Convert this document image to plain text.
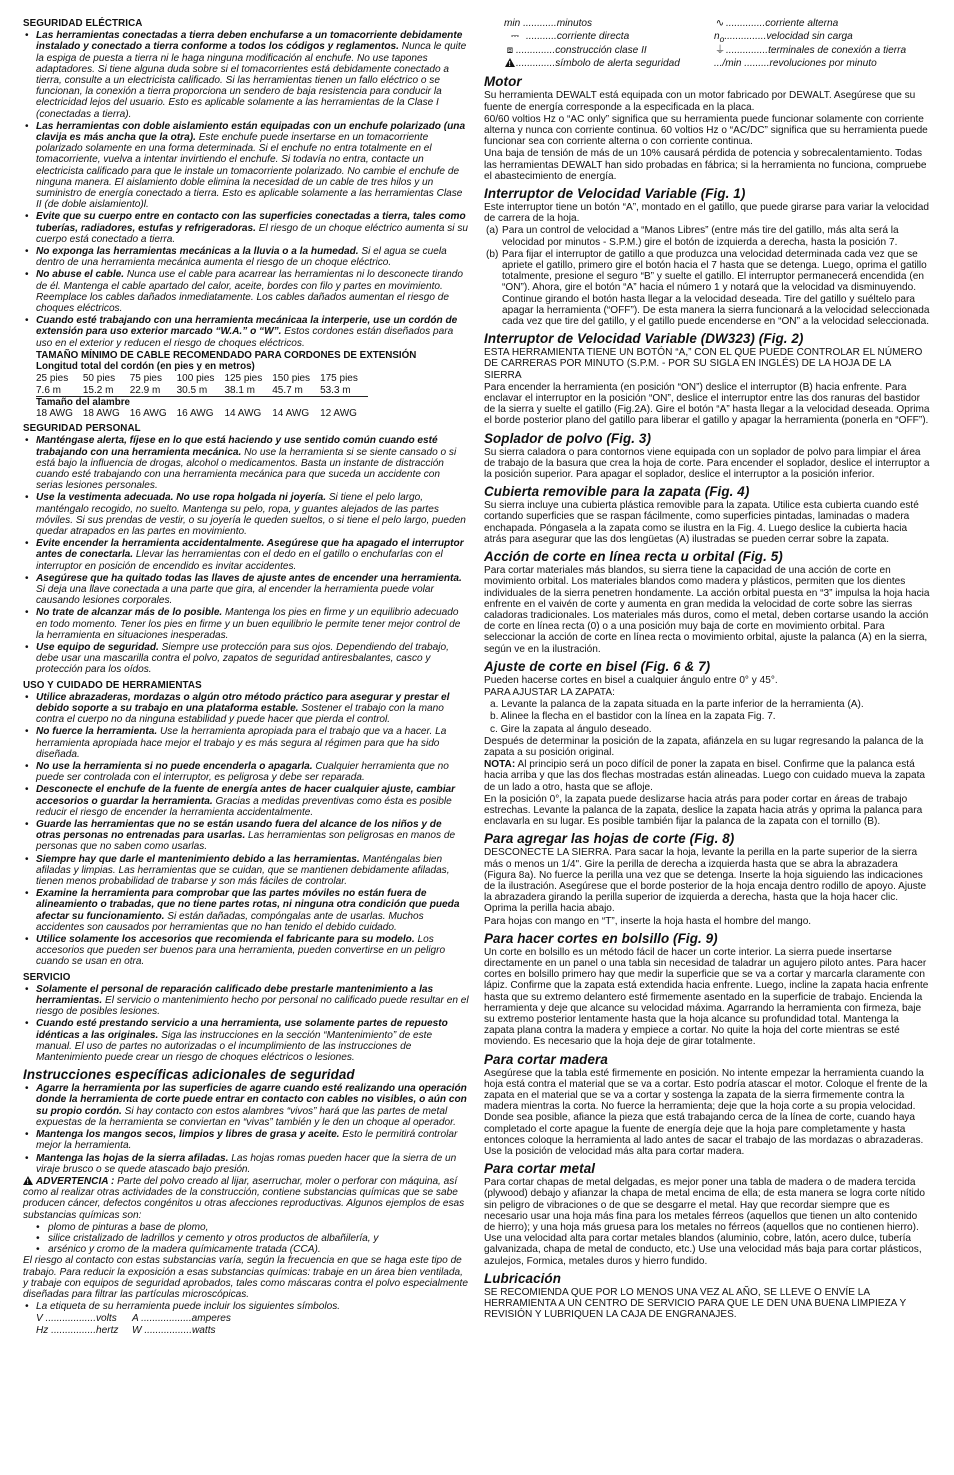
SEGURIDAD ELÉCTRICA
• Las herramientas conectadas a tierra deben enchufarse a un tomacorriente debidamente instalado y conectado a tierra conforme a todos los códigos y reglamentos. Nunca le quite la espiga de puesta a tierra ni le haga ninguna modificación al enchufe. No use tapones adaptadores. Si tiene alguna duda sobre si el tomacorrientes está debidamente conectado a tierra, consulte a un electricista calificado. Si las herramientas tienen un fallo eléctrico o se funcionan, la conexión a tierra proporciona un sendero de baja resistencia para conducir la electricidad lejos del usuario. Esto es aplicable solamente a las herramientas de la Clase I (conectadas a tierra).
• Las herramientas con doble aislamiento están equipadas con un enchufe polarizado (una clavija es más ancha que la otra). Este enchufe puede insertarse en un tomacorriente polarizado solamente en una forma determinada. Si el enchufe no entra totalmente en el tomacorriente, vuelva a intentar invirtiendo el enchufe. Si todavía no entra, contacte un electricista calificado para que le instale un tomacorriente polarizado. No cambie el enchufe de ninguna manera. El aislamiento doble elimina la necesidad de un cable de tres hilos y un suministro de energía conectado a tierra. Esto es aplicable solamente a las herramientas Clase II (de doble aislamiento)l.
• Evite que su cuerpo entre en contacto con las superficies conectadas a tierra, tales como tuberías, radiadores, estufas y refrigeradoras. El riesgo de un choque eléctrico aumenta si su cuerpo está conectado a tierra.
• No exponga las herramientas mecánicas a la lluvia o a la humedad. Si el agua se cuela dentro de una herramienta mecánica aumenta el riesgo de un choque eléctrico.
• No abuse el cable. Nunca use el cable para acarrear las herramientas ni lo desconecte tirando de él. Mantenga el cable apartado del calor, aceite, bordes con filo y partes en movimiento. Reemplace los cables dañados inmediatamente. Los cables dañados aumentan el riesgo de choques eléctricos.
• Cuando esté trabajando con una herramienta mecánicaa la interperie, use un cordón de extensión para uso exterior marcado “W.A.” o “W”. Estos cordones están diseñados para uso en el exterior y reducen el riesgo de choques eléctricos.
TAMAÑO MÍNIMO DE CABLE RECOMENDADO PARA CORDONES DE EXTENSIÓN
Longitud total del cordón (en pies y en metros)
25 pies	50 pies	75 pies	100 pies	125 pies	150 pies	175 pies
7.6 m	15.2 m	22.9 m	30.5 m	38.1 m	45.7 m	53.3 m
Tamaño del alambre						
18 AWG	18 AWG	16 AWG	16 AWG	14 AWG	14 AWG	12 AWG
SEGURIDAD PERSONAL
• Manténgase alerta, fíjese en lo que está haciendo y use sentido común cuando esté trabajando con una herramienta mecánica. No use la herramienta si se siente cansado o si está bajo la influencia de drogas, alcohol o medicamentos. Basta un instante de distracción cuando esté trabajando con una herramienta mecánica para que suceda un accidente con serias lesiones personales.
• Use la vestimenta adecuada. No use ropa holgada ni joyería. Si tiene el pelo largo, manténgalo recogido, no suelto. Mantenga su pelo, ropa, y guantes alejados de las partes móviles. Si sus prendas de vestir, o su joyería le queden sueltos, o si tiene el pelo largo, pueden quedar atrapados en las partes en movimiento.
• Evite encender la herramienta accidentalmente. Asegúrese que ha apagado el interruptor antes de conectarla. Llevar las herramientas con el dedo en el gatillo o enchufarlas con el interruptor en posición de encendido es invitar accidentes.
• Asegúrese que ha quitado todas las llaves de ajuste antes de encender una herramienta. Si deja una llave conectada a una parte que gira, al encender la herramienta puede volar causando lesiones corporales.
• No trate de alcanzar más de lo posible. Mantenga los pies en firme y un equilibrio adecuado en todo momento. Tener los pies en firme y un buen equilibrio le permite tener mejor control de la herramienta en situaciones inesperadas.
• Use equipo de seguridad. Siempre use protección para sus ojos. Dependiendo del trabajo, debe usar una mascarilla contra el polvo, zapatos de seguridad antiresbalantes, casco y protección para los oídos.
USO Y CUIDADO DE HERRAMIENTAS
• Utilice abrazaderas, mordazas o algún otro método práctico para asegurar y prestar el debido soporte a su trabajo en una plataforma estable. Sostener el trabajo con la mano contra el cuerpo no da ninguna estabilidad y puede hacer que pierda el control.
• No fuerce la herramienta. Use la herramienta apropiada para el trabajo que va a hacer. La herramienta apropiada hace mejor el trabajo y es más segura al régimen para que ha sido diseñada.
• No use la herramienta si no puede encenderla o apagarla. Cualquier herramienta que no puede ser controlada con el interruptor, es peligrosa y debe ser reparada.
• Desconecte el enchufe de la fuente de energía antes de hacer cualquier ajuste, cambiar accesorios o guardar la herramienta. Gracias a medidas preventivas como ésta es posible reducir el riesgo de encender la herramienta accidentalmente.
• Guarde las herramientas que no se están usando fuera del alcance de los niños y de otras personas no entrenadas para usarlas. Las herramientas son peligrosas en manos de personas que no saben como usarlas.
• Siempre hay que darle el mantenimiento debido a las herramientas. Manténgalas bien afiladas y limpias. Las herramientas que se cuidan, que se mantienen debidamente afiladas, tienen menos probabilidad de trabarse y son más fáciles de controlar.
• Examine la herramienta para comprobar que las partes móviles no están fuera de alineamiento o trabadas, que no tiene partes rotas, ni ninguna otra condición que pueda afectar su funcionamiento. Si están dañadas, compóngalas ante de usarlas. Muchos accidentes son causados por herramientas que no han tenido el debido cuidado.
• Utilice solamente los accesorios que recomienda el fabricante para su modelo. Los accesorios que pueden ser buenos para una herramienta, pueden convertirse en un peligro cuando se usan en otra.
SERVICIO
• Solamente el personal de reparación calificado debe prestarle mantenimiento a las herramientas. El servicio o mantenimiento hecho por personal no calificado puede resultar en el riesgo de posibles lesiones.
• Cuando esté prestando servicio a una herramienta, use solamente partes de repuesto idénticas a las originales. Siga las instrucciones en la sección “Mantenimiento” de este manual. El uso de partes no autorizadas o el incumplimiento de las instrucciones de Mantenimiento puede crear un riesgo de choques eléctricos o lesiones.
Instrucciones específicas adicionales de seguridad
• Agarre la herramienta por las superficies de agarre cuando esté realizando una operación donde la herramienta de corte puede entrar en contacto con cables no visibles, o aún con su propio cordón. Si hay contacto con estos alambres “vivos” hará que las partes de metal expuestas de la herramienta se conviertan en “vivas” también y le den un choque al operador.
• Mantenga los mangos secos, limpios y libres de grasa y aceite. Esto le permitirá controlar mejor la herramienta.
• Mantenga las hojas de la sierra afiladas. Las hojas romas pueden hacer que la sierra de un viraje brusco o se quede atascado bajo presión.

! ADVERTENCIA : Parte del polvo creado al lijar, aserruchar, moler o perforar con máquina, así como al realizar otras actividades de la construcción, contiene substancias químicas que se sabe producen cáncer, defectos congénitos u otras afecciones reproductivas. Algunos ejemplos de esas substancias químicas son:

• plomo de pinturas a base de plomo,
• silice cristalizado de ladrillos y cemento y otros productos de albañilería, y
• arsénico y cromo de la madera químicamente tratada (CCA).

El riesgo al contacto con estas substancias varía, según la frecuencia en que se haga este tipo de trabajo. Para reducir la exposición a esas substancias químicas: trabaje en un área bien ventilada, y trabaje con equipos de seguridad aprobados, tales como máscaras contra el polvo especialmente diseñadas para filtrar las partículas microscópicas.

• La etiqueta de su herramienta puede incluir los siguientes símbolos.
V ..................volts	A ..................amperes
Hz ................hertz	W .................watts
min ............minutos	∿ ..............corriente alterna
⎓ ...........corriente directa	$n_o...............velocidad$ sin carga
⧈ ..............construcción clase II	⏚...............terminales de conexión a tierra
!..............símbolo de alerta seguridad	.../min .........revoluciones por minuto
Motor

Su herramienta DEWALT está equipada con un motor fabricado por DEWALT. Asegúrese que su fuente de energía corresponde a la especificada en la placa.

60/60 voltios Hz o “AC only” significa que su herramienta puede funcionar solamente con corriente alterna y nunca con corriente continua. 60 voltios Hz o “AC/DC” significa que su herramienta puede funcionar sea con corriente alterna o con corriente continua.

Una baja de tensión de más de un 10% causará pérdida de potencia y sobrecalentamiento. Todas las herramientas DEWALT han sido probadas en fábrica; si la herramienta no funciona, compruebe el abastecimiento de energía.

Interruptor de Velocidad Variable (Fig. 1)

Este interruptor tiene un botón “A”, montado en el gatillo, que puede girarse para variar la velocidad de carrera de la hoja.

(a) Para un control de velocidad a “Manos Libres” (entre más tire del gatillo, más alta será la velocidad por minutos - S.P.M.) gire el botón de izquierda a derecha, hasta la posición 7.
(b) Para fijar el interruptor de gatillo a que produzca una velocidad determinada cada vez que se apriete el gatillo, primero gire el botón hacia el 7 hasta que se detenga. Luego, oprima el gatillo totalmente, presione el seguro “B” y suelte el gatillo. El interruptor permanecerá encendida (en “ON”). Ahora, gire el botón “A” hacia el número 1 y notará que la velocidad va disminuyendo. Continue girando el botón hasta llegar a la velocidad deseada. Tire del gatillo y suéltelo para apagar la herramienta (“OFF”). De esta manera la sierra funcionará a la velocidad seleccionada cada vez que tire del gatillo, y el gatillo puede encenderse en “ON” a la velocidad seleccionada.
Interruptor de Velocidad Variable (DW323) (Fig. 2)

ESTA HERRAMIENTA TIENE UN BOTÓN “A,” CON EL QUE PUEDE CONTROLAR EL NÚMERO DE CARRERAS POR MINUTO (S.P.M. - POR SU SIGLA EN INGLÉS) DE LA HOJA DE LA SIERRA

Para encender la herramienta (en posición “ON”) deslice el interruptor (B) hacia enfrente. Para enclavar el interruptor en la posición “ON”, deslice el interruptor entre las dos ranuras del bastidor de la sierra y suelte el gatillo (Fig.2A). Gire el botón “A” hasta llegar a la velocidad deseada. Oprima el borde posterior plano del gatillo para liberar el gatillo y apagar la herramienta (ponerla en “OFF”).

Soplador de polvo (Fig. 3)

Su sierra caladora o para contornos viene equipada con un soplador de polvo para limpiar el área de trabajo de la basura que crea la hoja de corte. Para encender el soplador, deslice el interruptor a la posición superior. Para apagar el soplador, deslice el interruptor a la posición inferior.

Cubierta removible para la zapata (Fig. 4)

Su sierra incluye una cubierta plástica removible para la zapata. Utilice esta cubierta cuando esté cortando superficies que se raspan fácilmente, como superficies pintadas, laminadas o madera enchapada. Póngasela a la zapata como se ilustra en la Fig. 4. Luego deslice la cubierta hacia atrás para asegurar que las dos lengüetas (A) ilustradas se pueden cerrar sobre la zapata.

Acción de corte en línea recta u orbital (Fig. 5)

Para cortar materiales más blandos, su sierra tiene la capacidad de una acción de corte en movimiento orbital. Los materiales blandos como madera y plásticos, permiten que los dientes individuales de la sierra penetren hondamente. La acción orbital puesta en “3” impulsa la hoja hacia enfrente en el vaivén de corte y aumenta en gran medida la velocidad de corte sobre las sierras caladoras tradicionales. Los materiales más duros, como el metal, deben cortarse usando la acción de corte en línea recta (0) o a una posición muy baja de corte en movimiento orbital. Para seleccionar la acción de corte en línea recta o movimiento orbital, ajuste la palanca (A) en la sierra, según ve en la ilustración.

Ajuste de corte en bisel (Fig. 6 & 7)

Pueden hacerse cortes en bisel a cualquier ángulo entre 0° y 45°.

PARA AJUSTAR LA ZAPATA:

a. Levante la palanca de la zapata situada en la parte inferior de la herramienta (A).

b. Alinee la flecha en el bastidor con la línea en la zapata Fig. 7.

c. Gire la zapata al ángulo deseado.

Después de determinar la posición de la zapata, afiánzela en su lugar regresando la palanca de la zapata a su posición original.

NOTA: Al principio será un poco difícil de poner la zapata en bisel. Confirme que la palanca está hacia arriba y que las dos flechas mostradas están alineadas. Luego con cuidado mueva la zapata de un lado a otro, hasta que se afloje.

En la posición 0°, la zapata puede deslizarse hacia atrás para poder cortar en áreas de trabajo estrechas. Levante la palanca de la zapata, deslice la zapata hacia atrás y oprima la palanca para enclavarla en su lugar. Es posible también fijar la palanca de la zapata con el tornillo (B).

Para agregar las hojas de corte (Fig. 8)

DESCONECTE LA SIERRA. Para sacar la hoja, levante la perilla en la parte superior de la sierra más o menos un 1/4". Gire la perilla de derecha a izquierda hasta que se abra la abrazadera (Figura 8a). No fuerce la perilla una vez que se detenga. Inserte la hoja siguiendo las indicaciones de la ilustración. Asegúrese que el borde posterior de la hoja encaja dentro rodillo de apoyo. Ajuste la abrazadera girando la perilla superior de izquierda a derecha, hasta que la hoja hacer clic. Oprima la perilla hacia abajo.

Para hojas con mango en “T”, inserte la hoja hasta el hombre del mango.

Para hacer cortes en bolsillo (Fig. 9)

Un corte en bolsillo es un método fácil de hacer un corte interior. La sierra puede insertarse directamente en un panel o una tabla sin necesidad de taladrar un agujero piloto antes. Para hacer cortes en bolsillo primero hay que medir la superficie que se va a cortar y marcarla claramente con lápiz. Confirme que la zapata está extendida hacia enfrente. Luego, incline la zapata hacia enfrente hasta que su extremo delantero esté firmemente asentado en la superficie de trabajo. Encienda la herramienta y deje que alcance su velocidad máxima. Agarrando la herramienta con firmeza, baje su extremo posterior lentamente hasta que la hoja alcance su profundidad total. Mantenga la zapata plana contra la madera y empiece a cortar. No quite la hoja del corte mientras se esté moviendo. Es necesario que la hoja deje de girar totalmente.

Para cortar madera

Asegúrese que la tabla esté firmemente en posición. No intente empezar la herramienta cuando la hoja está contra el material que se va a cortar. Esto podría atascar el motor. Coloque el frente de la zapata en el material que se va a cortar y sostenga la zapata de la sierra firmemente contra la madera mientras la corta. No fuerce la herramienta; deje que la hoja corte a su propia velocidad. Donde sea posible, afiance la pieza que está trabajando cerca de la línea de corte, cuando haya completado el corte apague la fuente de energía deje que la hoja pare completamente y hasta entonces coloque la herramienta al lado antes de sacar el trabajo de las mordazas o abrazaderas. Use la posición de velocidad más alta para cortar madera.

Para cortar metal

Para cortar chapas de metal delgadas, es mejor poner una tabla de madera o de madera tercida (plywood) debajo y afianzar la chapa de metal encima de ella; de esta manera se logra corte nítido sin peligro de vibraciones o de que se desgarre el metal. Hay que recordar siempre que es necesario usar una hoja más fina para los metales férreos (aquellos que tienen un alto contenido de hierro); y una hoja más gruesa para los metales no férreos (aquellos que no contienen hierro). Use una velocidad alta para cortar metales blandos (aluminio, cobre, latón, acero dulce, tubería galvanizada, chapa de metal de conducto, etc.) Use una velocidad más baja para cortar plásticos, azulejos, Formica, metales duros y hierro fundido.

Lubricación

SE RECOMIENDA QUE POR LO MENOS UNA VEZ AL AÑO, SE LLEVE O ENVÍE LA HERRAMIENTA A UN CENTRO DE SERVICIO PARA QUE LE DEN UNA BUENA LIMPIEZA Y REVISIÓN Y LUBRIQUEN LA CAJA DE ENGRANAJES.
